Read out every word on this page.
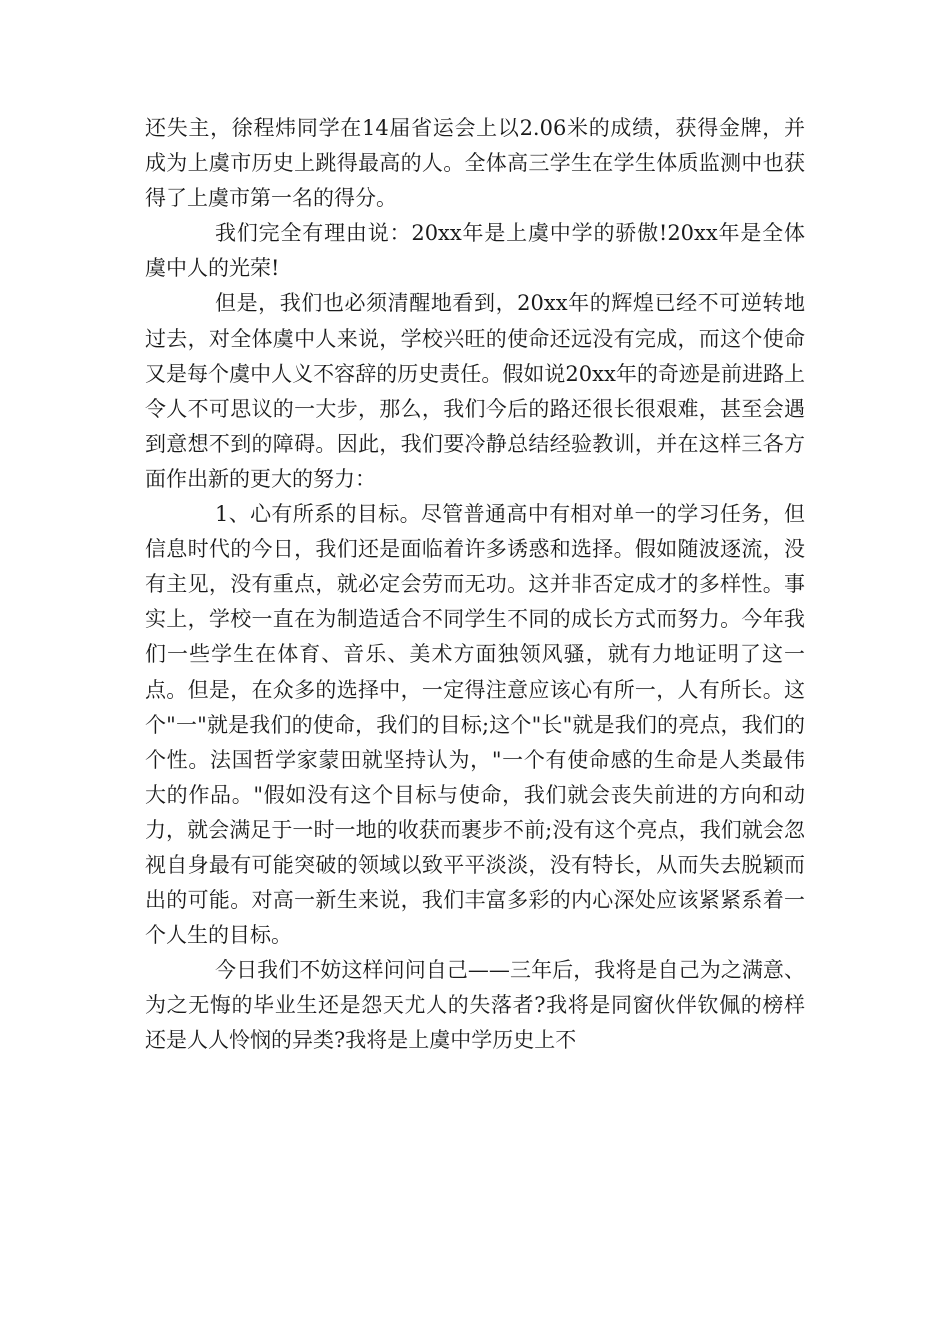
还失主，徐程炜同学在14届省运会上以2.06米的成绩，获得金牌，并成为上虞市历史上跳得最高的人。全体高三学生在学生体质监测中也获得了上虞市第一名的得分。

我们完全有理由说：20xx年是上虞中学的骄傲!20xx年是全体虞中人的光荣!

但是，我们也必须清醒地看到，20xx年的辉煌已经不可逆转地过去，对全体虞中人来说，学校兴旺的使命还远没有完成，而这个使命又是每个虞中人义不容辞的历史责任。假如说20xx年的奇迹是前进路上令人不可思议的一大步，那么，我们今后的路还很长很艰难，甚至会遇到意想不到的障碍。因此，我们要冷静总结经验教训，并在这样三各方面作出新的更大的努力：

1、心有所系的目标。尽管普通高中有相对单一的学习任务，但信息时代的今日，我们还是面临着许多诱惑和选择。假如随波逐流，没有主见，没有重点，就必定会劳而无功。这并非否定成才的多样性。事实上，学校一直在为制造适合不同学生不同的成长方式而努力。今年我们一些学生在体育、音乐、美术方面独领风骚，就有力地证明了这一点。但是，在众多的选择中，一定得注意应该心有所一，人有所长。这个"一"就是我们的使命，我们的目标;这个"长"就是我们的亮点，我们的个性。法国哲学家蒙田就坚持认为，"一个有使命感的生命是人类最伟大的作品。"假如没有这个目标与使命，我们就会丧失前进的方向和动力，就会满足于一时一地的收获而裹步不前;没有这个亮点，我们就会忽视自身最有可能突破的领域以致平平淡淡，没有特长，从而失去脱颖而出的可能。对高一新生来说，我们丰富多彩的内心深处应该紧紧系着一个人生的目标。

今日我们不妨这样问问自己——三年后，我将是自己为之满意、为之无悔的毕业生还是怨天尤人的失落者?我将是同窗伙伴钦佩的榜样还是人人怜悯的异类?我将是上虞中学历史上不
